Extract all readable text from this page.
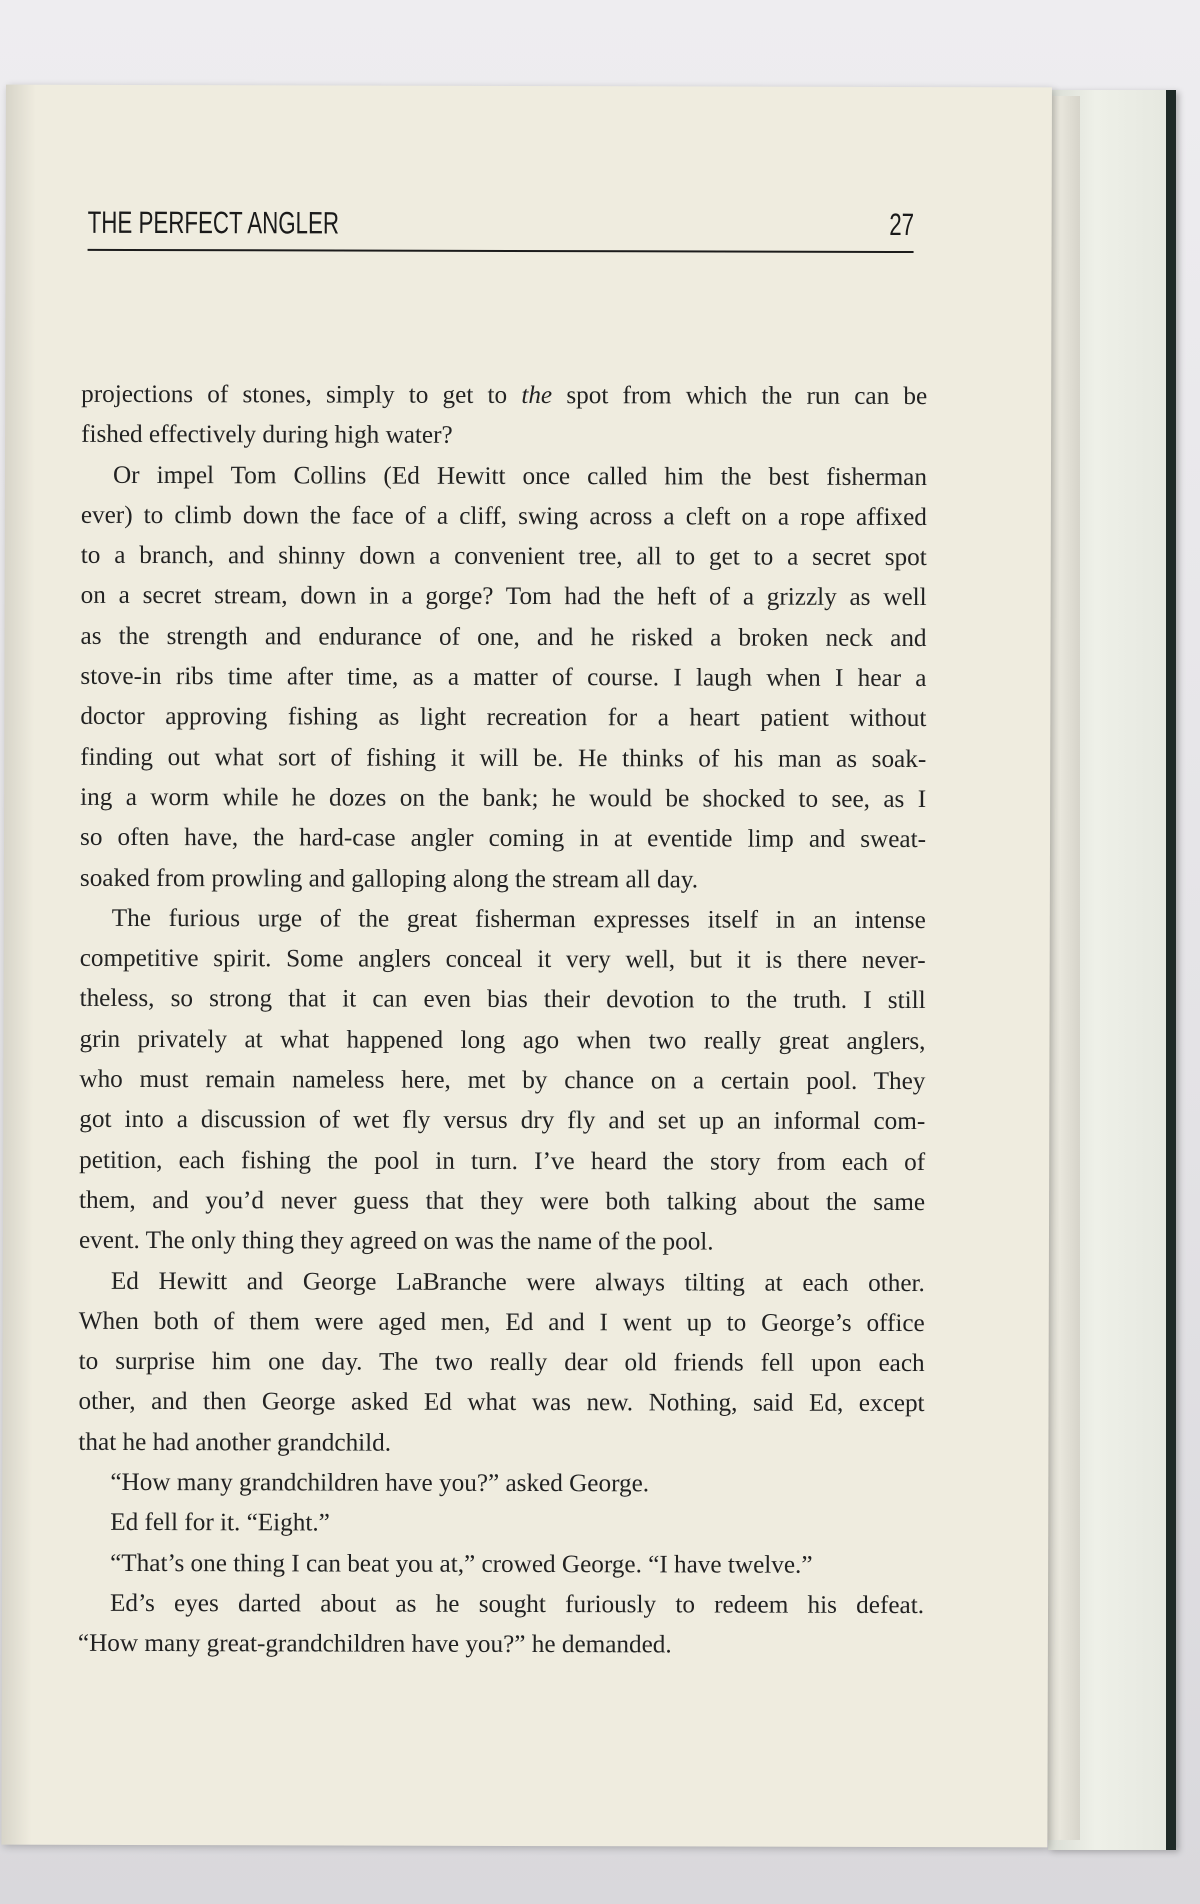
THE PERFECT ANGLER	27

projections of stones, simply to get to the spot from which the run can be
fished effectively during high water?

Or impel Tom Collins (Ed Hewitt once called him the best fisherman
ever) to climb down the face of a cliff, swing across a cleft on a rope affixed
to a branch, and shinny down a convenient tree, all to get to a secret spot
on a secret stream, down in a gorge? Tom had the heft of a grizzly as well
as the strength and endurance of one, and he risked a broken neck and
stove-in ribs time after time, as a matter of course. I laugh when I hear a
doctor approving fishing as light recreation for a heart patient without
finding out what sort of fishing it will be. He thinks of his man as soak-
ing a worm while he dozes on the bank; he would be shocked to see, as I
so often have, the hard-case angler coming in at eventide limp and sweat-
soaked from prowling and galloping along the stream all day.

The furious urge of the great fisherman expresses itself in an intense
competitive spirit. Some anglers conceal it very well, but it is there never-
theless, so strong that it can even bias their devotion to the truth. I still
grin privately at what happened long ago when two really great anglers,
who must remain nameless here, met by chance on a certain pool. They
got into a discussion of wet fly versus dry fly and set up an informal com-
petition, each fishing the pool in turn. I’ve heard the story from each of
them, and you’d never guess that they were both talking about the same
event. The only thing they agreed on was the name of the pool.

Ed Hewitt and George LaBranche were always tilting at each other.
When both of them were aged men, Ed and I went up to George’s office
to surprise him one day. The two really dear old friends fell upon each
other, and then George asked Ed what was new. Nothing, said Ed, except
that he had another grandchild.

“How many grandchildren have you?” asked George.

Ed fell for it. “Eight.”

“That’s one thing I can beat you at,” crowed George. “I have twelve.”

Ed’s eyes darted about as he sought furiously to redeem his defeat.
“How many great-grandchildren have you?” he demanded.
